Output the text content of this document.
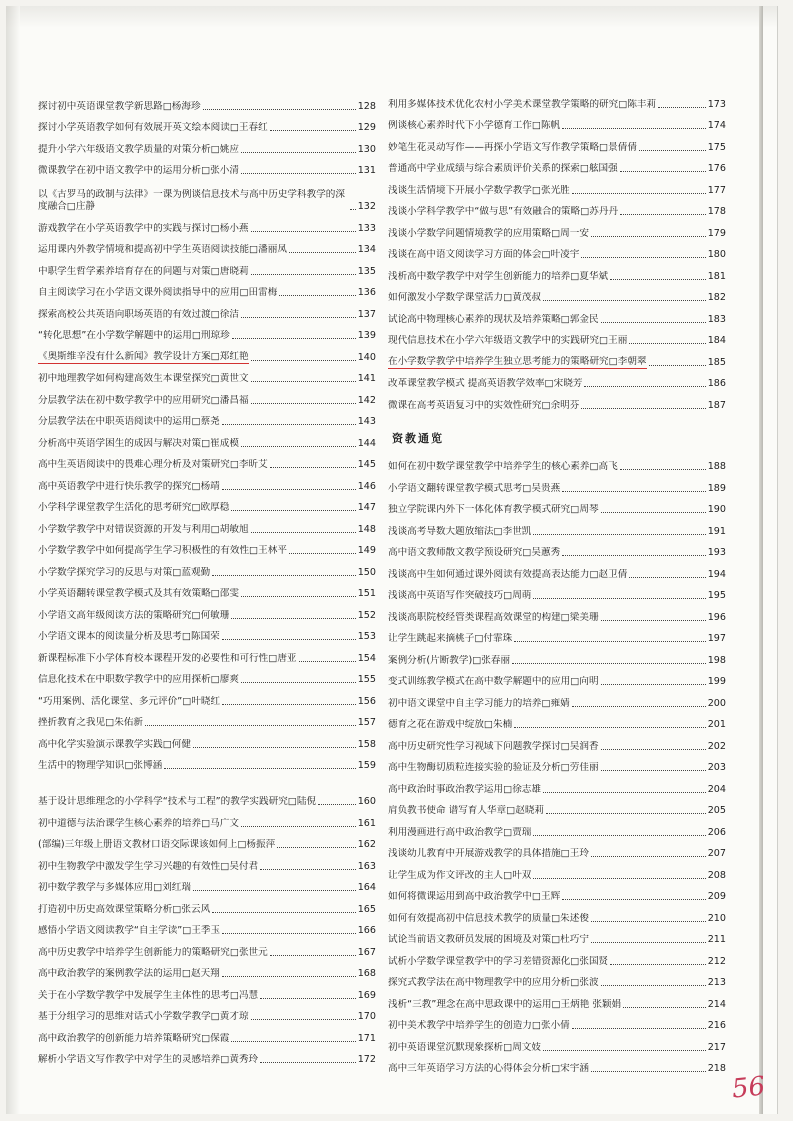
探讨初中英语课堂教学新思路□杨海珍	128
探讨小学英语教学如何有效展开英文绘本阅读□王春红	129
提升小学六年级语文教学质量的对策分析□姚应	130
微课教学在初中语文教学中的运用分析□张小清	131
以《古罗马的政制与法律》一课为例谈信息技术与高中历史学科教学的深度融合□庄静	132
游戏教学在小学英语教学中的实践与探讨□杨小燕	133
运用课内外教学情境和提高初中学生英语阅读技能□潘丽凤	134
中职学生哲学素养培育存在的问题与对策□唐晓莉	135
自主阅读学习在小学语文课外阅读指导中的应用□田雷梅	136
探索高校公共英语向职场英语的有效过渡□徐洁	137
“转化思想”在小学数学解题中的运用□刑琼珍	139
《奥斯维辛没有什么新闻》教学设计方案□郑红艳	140
初中地理教学如何构建高效生本课堂探究□黄世文	141
分层教学法在初中数学教学中的应用研究□潘昌福	142
分层教学法在中职英语阅读中的运用□蔡尧	143
分析高中英语学困生的成因与解决对策□崔成模	144
高中生英语阅读中的畏难心理分析及对策研究□李昕艾	145
高中英语教学中进行快乐教学的探究□杨靖	146
小学科学课堂教学生活化的思考研究□欧厚稳	147
小学数学教学中对错误资源的开发与利用□胡敏旭	148
小学数学教学中如何提高学生学习积极性的有效性□王林平	149
小学数学探究学习的反思与对策□蓝观勤	150
小学英语翻转课堂教学模式及其有效策略□邵雯	151
小学语文高年级阅读方法的策略研究□何敏珊	152
小学语文课本的阅读量分析及思考□陈国荣	153
新课程标准下小学体育校本课程开发的必要性和可行性□唐亚	154
信息化技术在中职数学教学中的应用探析□廖爽	155
“巧用案例、活化课堂、多元评价”□叶晓红	156
挫折教育之我见□朱佑新	157
高中化学实验演示课教学实践□何健	158
生活中的物理学知识□张博涵	159
基于设计思维理念的小学科学“技术与工程”的教学实践研究□陆倪	160
初中道德与法治课学生核心素养的培养□马广文	161
(部编)三年级上册语文教材口语交际课该如何上□杨振萍	162
初中生物教学中激发学生学习兴趣的有效性□吴付君	163
初中数学教学与多媒体应用□刘红瑞	164
打造初中历史高效课堂策略分析□张云风	165
感悟小学语文阅读教学“自主学读”□王季玉	166
高中历史教学中培养学生创新能力的策略研究□张世元	167
高中政治教学的案例教学法的运用□赵天翔	168
关于在小学数学教学中发展学生主体性的思考□冯慧	169
基于分组学习的思维对话式小学数学教学□黄才琼	170
高中政治教学的创新能力培养策略研究□保霞	171
解析小学语文写作教学中对学生的灵感培养□黄秀玲	172
利用多媒体技术优化农村小学美术课堂教学策略的研究□陈丰莉	173
例谈核心素养时代下小学德育工作□陈帆	174
妙笔生花灵动写作——再探小学语文写作教学策略□景倩倩	175
普通高中学业成绩与综合素质评价关系的探索□舷国强	176
浅谈生活情境下开展小学数学教学□张光胜	177
浅谈小学科学教学中“做与思”有效融合的策略□苏丹丹	178
浅谈小学数学问题情境教学的应用策略□周一安	179
浅谈在高中语文阅读学习方面的体会□叶凌宇	180
浅析高中数学教学中对学生创新能力的培养□夏华斌	181
如何激发小学数学课堂活力□黄茂叔	182
试论高中物理核心素养的现状及培养策略□郭金民	183
现代信息技术在小学六年级语文教学中的实践研究□王丽	184
在小学数学教学中培养学生独立思考能力的策略研究□李朝翠	185
改革课堂教学模式 提高英语教学效率□宋晓芳	186
微课在高考英语复习中的实效性研究□余明芬	187
资教通览
如何在初中数学课堂教学中培养学生的核心素养□高飞	188
小学语文翻转课堂教学模式思考□吴贵燕	189
独立学院课内外下一体化体育教学模式研究□周琴	190
浅谈高考导数大题放缩法□李世凯	191
高中语文教师散文教学预设研究□吴蕙秀	193
浅谈高中生如何通过课外阅读有效提高表达能力□赵卫倩	194
浅谈高中英语写作突破技巧□周萌	195
浅谈高职院校经管类课程高效课堂的构建□梁美珊	196
让学生跳起来摘桃子□付霏珠	197
案例分析(片断教学)□张春丽	198
变式训练教学模式在高中数学解题中的应用□向明	199
初中语文课堂中自主学习能力的培养□雍婧	200
德育之花在游戏中绽放□朱楠	201
高中历史研究性学习视域下问题教学探讨□吴润香	202
高中生物酶切质粒连接实验的验证及分析□劳佳丽	203
高中政治时事政治教学运用□徐志雄	204
肩负教书使命 谱写育人华章□赵晓莉	205
利用漫画进行高中政治教学□贾瑞	206
浅谈幼儿教育中开展游戏教学的具体措施□王玲	207
让学生成为作文评改的主人□叶双	208
如何将微课运用到高中政治教学中□王辉	209
如何有效提高初中信息技术教学的质量□朱述俊	210
试论当前语文教研员发展的困境及对策□杜巧宁	211
试析小学数学课堂教学中的学习差错资源化□张国贤	212
探究式教学法在高中物理教学中的应用分析□张波	213
浅析“三教”理念在高中思政课中的运用□王炳艳 张颖娟	214
初中美术教学中培养学生的创造力□张小倩	216
初中英语课堂沉默现象探析□周文妓	217
高中三年英语学习方法的心得体会分析□宋宇涵	218
56
